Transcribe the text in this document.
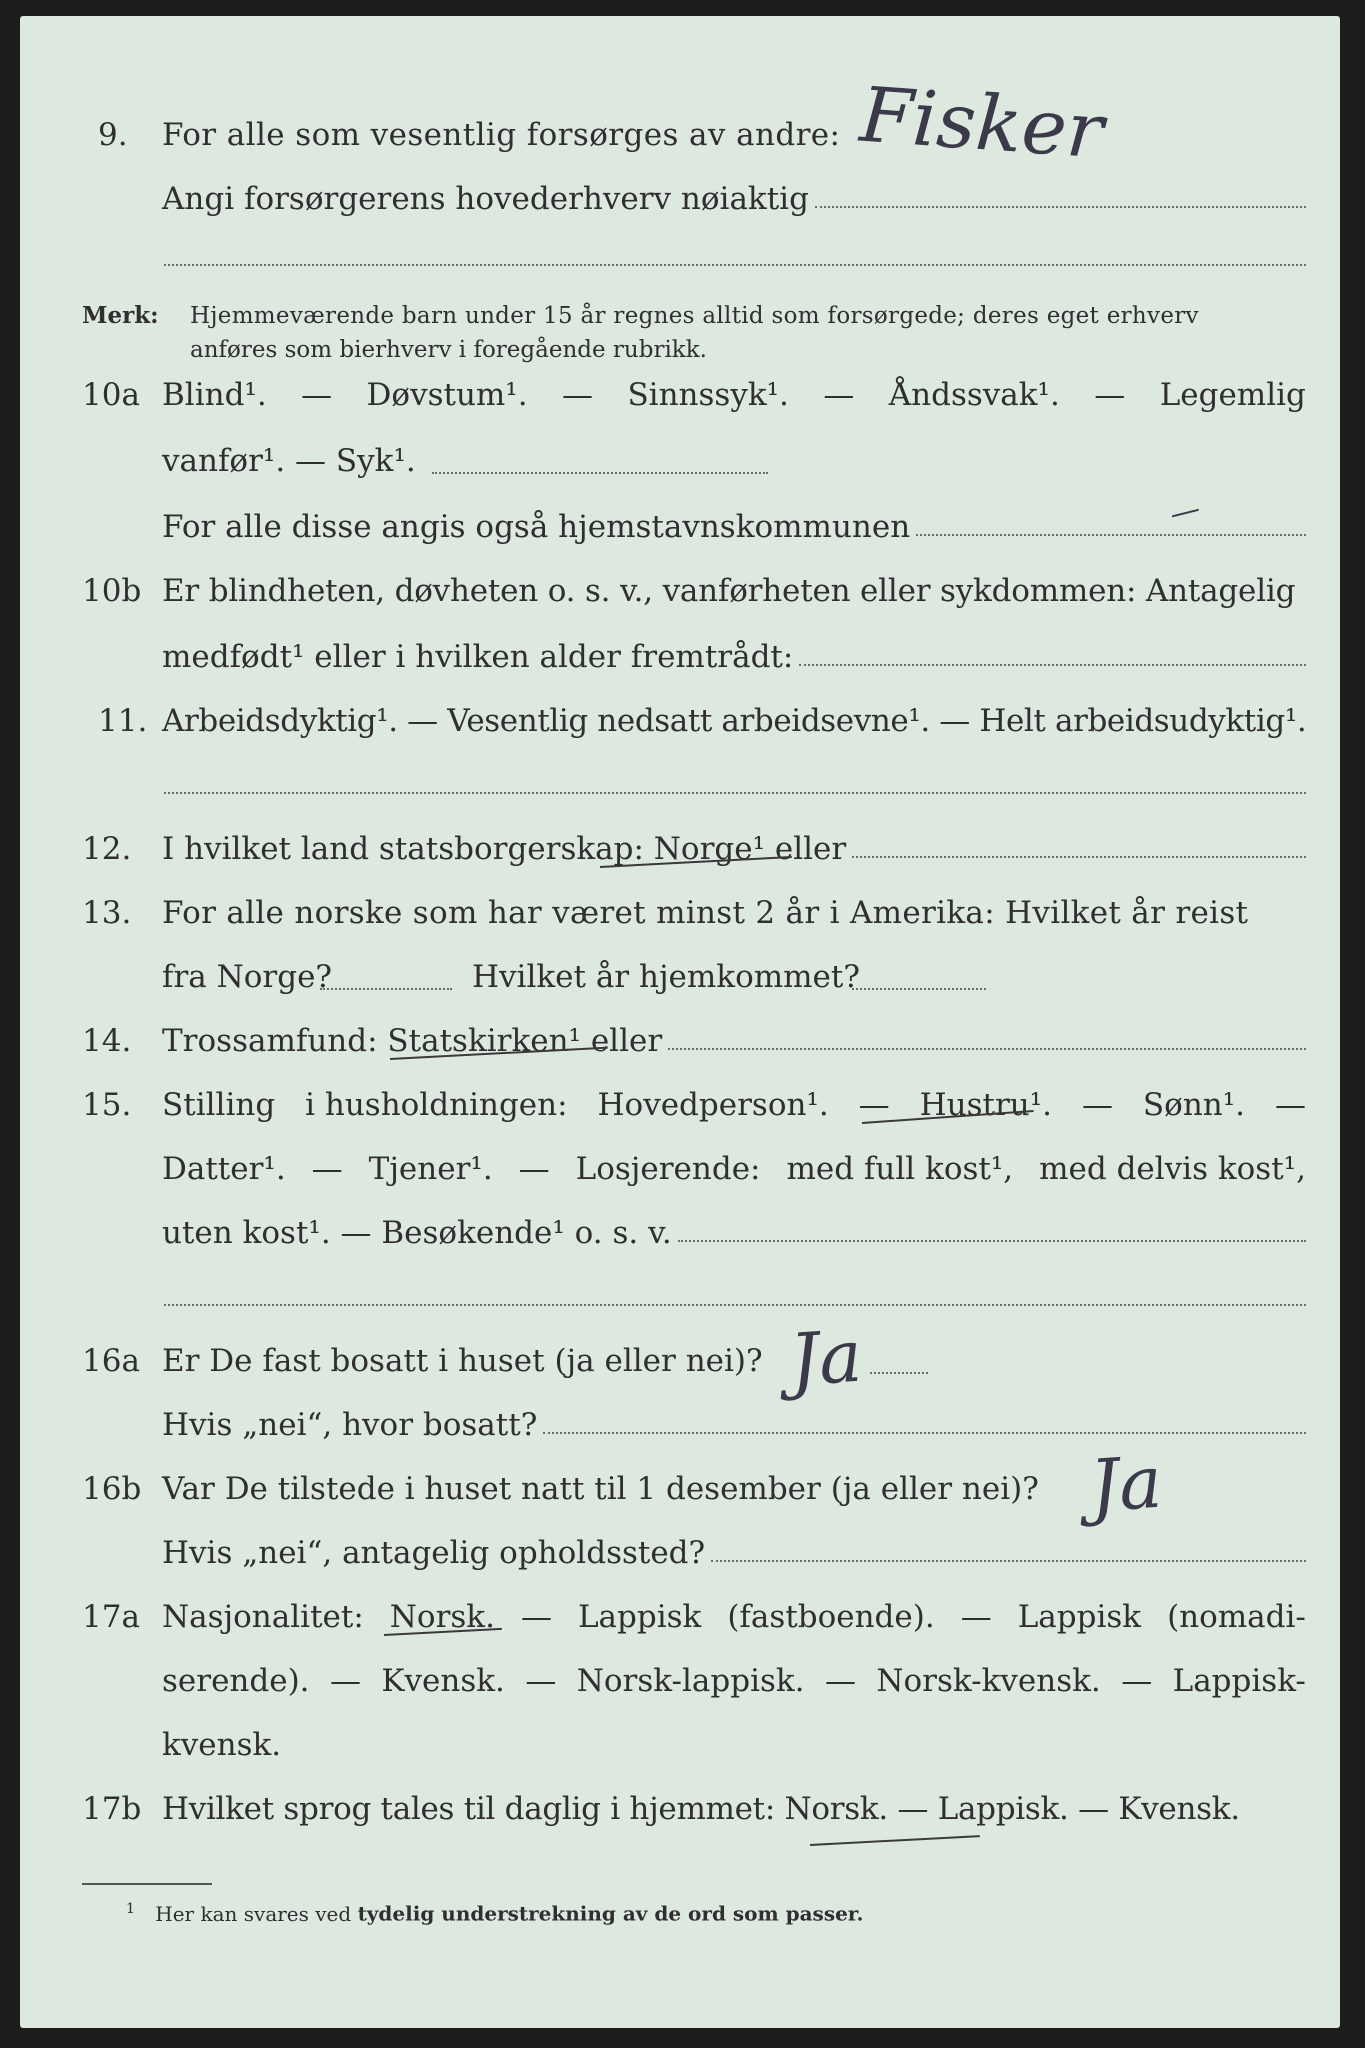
9. For alle som vesentlig forsørges av andre:
Angi forsørgerens hovederhverv nøiaktig
Fisker
Merk: Hjemmeværende barn under 15 år regnes alltid som forsørgede; deres eget erhverv
anføres som bierhverv i foregående rubrikk.
10a Blind¹. — Døvstum¹. — Sinnssyk¹. — Åndssvak¹. — Legemlig
vanfør¹. — Syk¹.
For alle disse angis også hjemstavnskommunen	—
10b Er blindheten, døvheten o. s. v., vanførheten eller sykdommen: Antagelig
medfødt¹ eller i hvilken alder fremtrådt:
11. Arbeidsdyktig¹. — Vesentlig nedsatt arbeidsevne¹. — Helt arbeidsudyktig¹.
12. I hvilket land statsborgerskap: Norge¹ eller
13. For alle norske som har været minst 2 år i Amerika: Hvilket år reist
fra Norge?	Hvilket år hjemkommet?
14. Trossamfund: Statskirken¹ eller
15. Stilling i husholdningen: Hovedperson¹. — Hustru¹. — Sønn¹. —
Datter¹. — Tjener¹. — Losjerende: med full kost¹, med delvis kost¹,
uten kost¹. — Besøkende¹ o. s. v.
16a Er De fast bosatt i huset (ja eller nei)? Ja
Hvis „nei“, hvor bosatt?
16b Var De tilstede i huset natt til 1 desember (ja eller nei)? Ja
Hvis „nei“, antagelig opholdssted?
17a Nasjonalitet: Norsk. — Lappisk (fastboende). — Lappisk (nomadi-
serende). — Kvensk. — Norsk-lappisk. — Norsk-kvensk. — Lappisk-
kvensk.
17b Hvilket sprog tales til daglig i hjemmet: Norsk. — Lappisk. — Kvensk.
$^1$ Her kan svares ved tydelig understrekning av de ord som passer.
